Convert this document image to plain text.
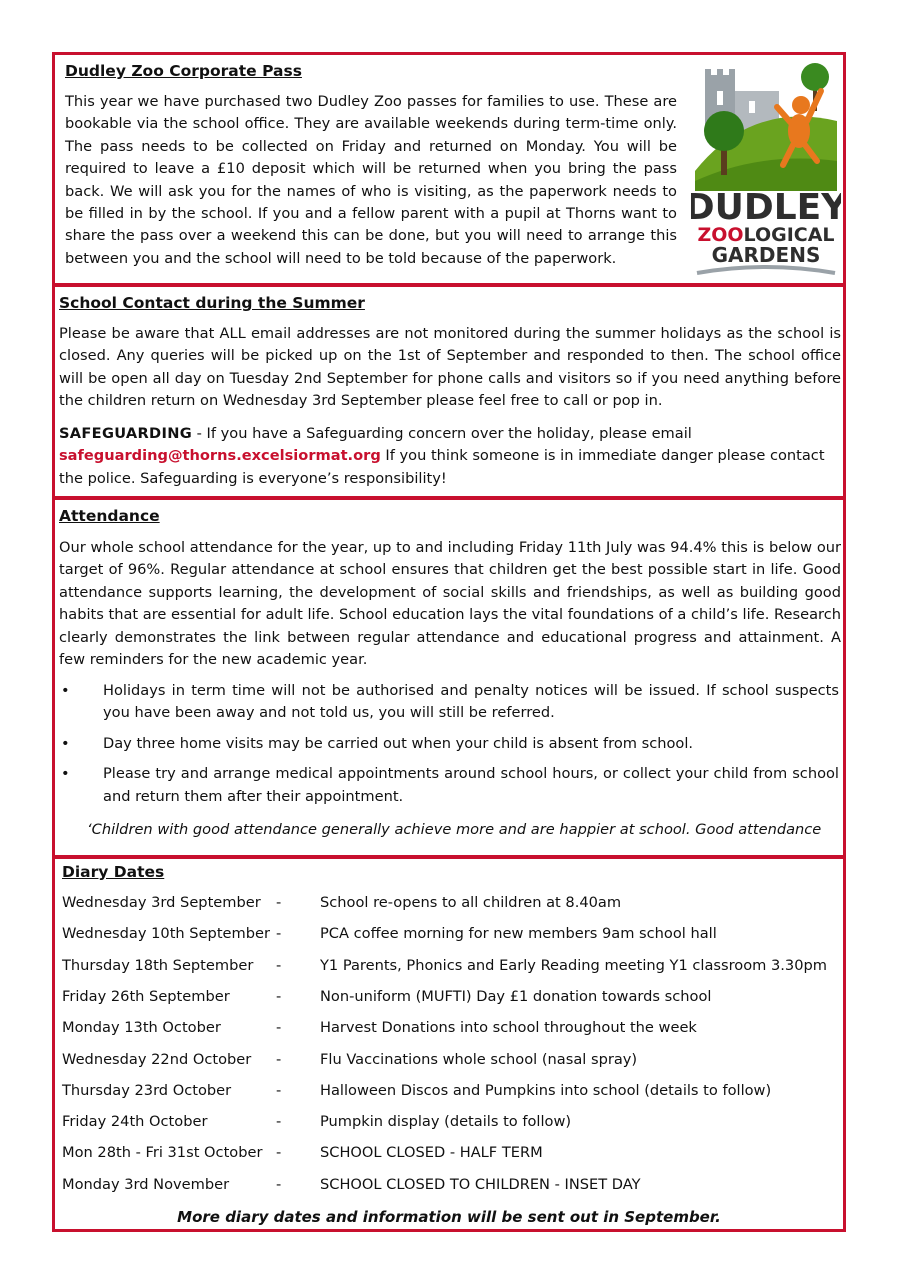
Dudley Zoo Corporate Pass

This year we have purchased two Dudley Zoo passes for families to use. These are bookable via the school office. They are available weekends during term-time only. The pass needs to be collected on Friday and returned on Monday. You will be required to leave a £10 deposit which will be returned when you bring the pass back. We will ask you for the names of who is visiting, as the paperwork needs to be filled in by the school. If you and a fellow parent with a pupil at Thorns want to share the pass over a weekend this can be done, but you will need to arrange this between you and the school will need to be told because of the paperwork.

DUDLEY
ZOOLOGICAL
GARDENS

School Contact during the Summer

Please be aware that ALL email addresses are not monitored during the summer holidays as the school is closed. Any queries will be picked up on the 1st of September and responded to then. The school office will be open all day on Tuesday 2nd September for phone calls and visitors so if you need anything before the children return on Wednesday 3rd September please feel free to call or pop in.

SAFEGUARDING - If you have a Safeguarding concern over the holiday, please email safeguarding@thorns.excelsiormat.org If you think someone is in immediate danger please contact the police. Safeguarding is everyone’s responsibility!

Attendance

Our whole school attendance for the year, up to and including Friday 11th July was 94.4% this is below our target of 96%. Regular attendance at school ensures that children get the best possible start in life. Good attendance supports learning, the development of social skills and friendships, as well as building good habits that are essential for adult life. School education lays the vital foundations of a child’s life. Research clearly demonstrates the link between regular attendance and educational progress and attainment. A few reminders for the new academic year.

• Holidays in term time will not be authorised and penalty notices will be issued. If school suspects you have been away and not told us, you will still be referred.
• Day three home visits may be carried out when your child is absent from school.
• Please try and arrange medical appointments around school hours, or collect your child from school and return them after their appointment.

‘Children with good attendance generally achieve more and are happier at school. Good attendance

Diary Dates

Wednesday 3rd September -	School re-opens to all children at 8.40am
Wednesday 10th September -	PCA coffee morning for new members 9am school hall
Thursday 18th September -	Y1 Parents, Phonics and Early Reading meeting Y1 classroom 3.30pm
Friday 26th September	-	Non-uniform (MUFTI) Day £1 donation towards school
Monday 13th October	-	Harvest Donations into school throughout the week
Wednesday 22nd October -	Flu Vaccinations whole school (nasal spray)
Thursday 23rd October	-	Halloween Discos and Pumpkins into school (details to follow)
Friday 24th October	-	Pumpkin display (details to follow)
Mon 28th - Fri 31st October -	SCHOOL CLOSED - HALF TERM
Monday 3rd November	-	SCHOOL CLOSED TO CHILDREN - INSET DAY

More diary dates and information will be sent out in September.
